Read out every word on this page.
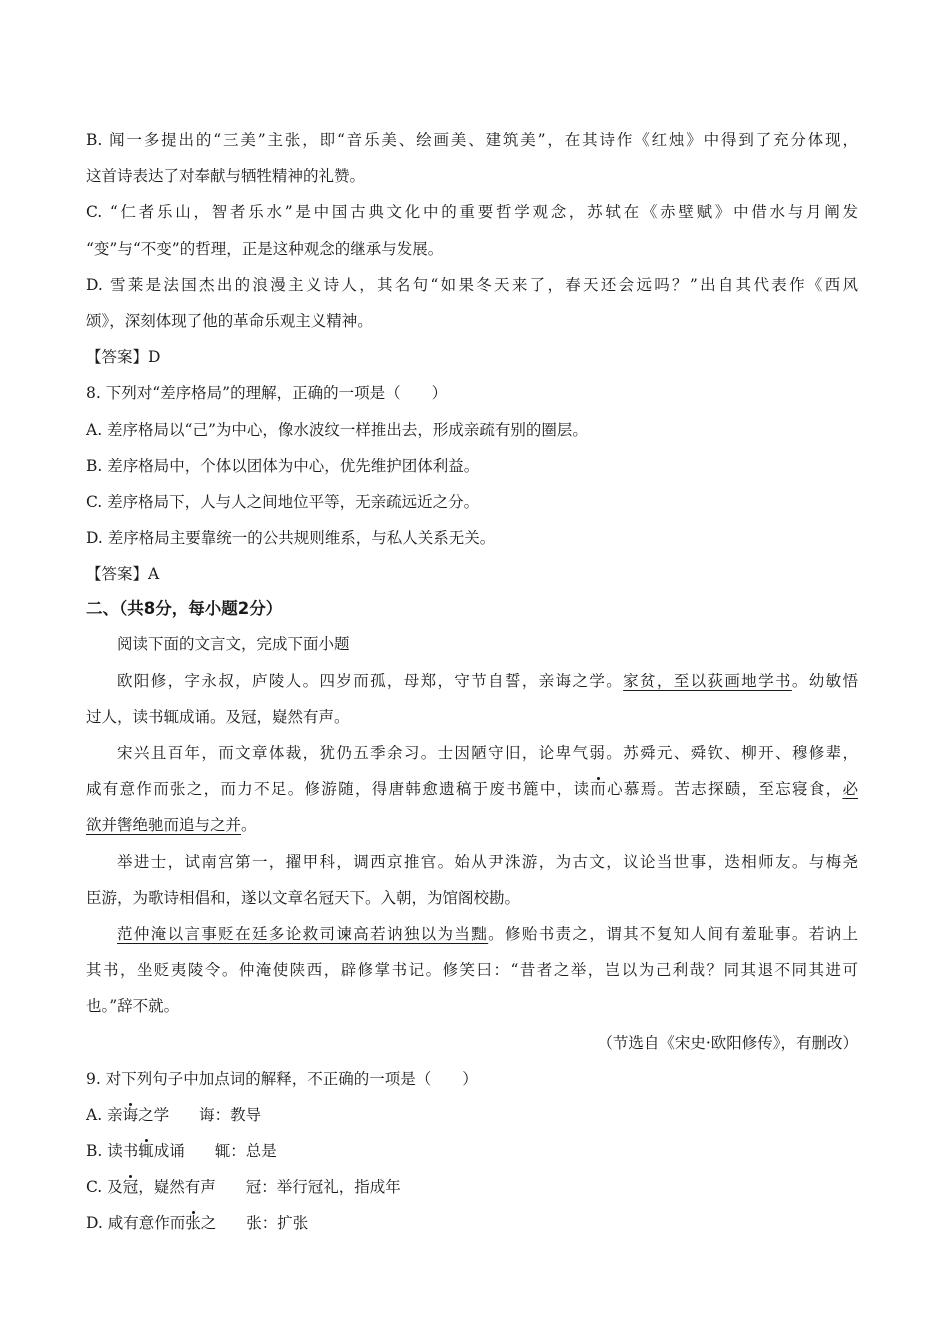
B. 闻一多提出的“三美”主张，即“音乐美、绘画美、建筑美”，在其诗作《红烛》中得到了充分体现，

这首诗表达了对奉献与牺牲精神的礼赞。

C. “仁者乐山，智者乐水”是中国古典文化中的重要哲学观念，苏轼在《赤壁赋》中借水与月阐发

“变”与“不变”的哲理，正是这种观念的继承与发展。

D. 雪莱是法国杰出的浪漫主义诗人，其名句“如果冬天来了，春天还会远吗？”出自其代表作《西风

颂》，深刻体现了他的革命乐观主义精神。

【答案】D

8. 下列对“差序格局”的理解，正确的一项是（　　）

A. 差序格局以“己”为中心，像水波纹一样推出去，形成亲疏有别的圈层。

B. 差序格局中，个体以团体为中心，优先维护团体利益。

C. 差序格局下，人与人之间地位平等，无亲疏远近之分。

D. 差序格局主要靠统一的公共规则维系，与私人关系无关。

【答案】A

二、（共8分，每小题2分）

阅读下面的文言文，完成下面小题

欧阳修，字永叔，庐陵人。四岁而孤，母郑，守节自誓，亲诲之学。家贫，至以荻画地学书。幼敏悟

过人，读书辄成诵。及冠，嶷然有声。

宋兴且百年，而文章体裁，犹仍五季余习。士因陋守旧，论卑气弱。苏舜元、舜钦、柳开、穆修辈，

咸有意作而张之，而力不足。修游随，得唐韩愈遗稿于废书簏中，读而心慕焉。苦志探赜，至忘寝食，必

欲并辔绝驰而追与之并。

举进士，试南宫第一，擢甲科，调西京推官。始从尹洙游，为古文，议论当世事，迭相师友。与梅尧

臣游，为歌诗相倡和，遂以文章名冠天下。入朝，为馆阁校勘。

范仲淹以言事贬在廷多论救司谏高若讷独以为当黜。修贻书责之，谓其不复知人间有羞耻事。若讷上

其书，坐贬夷陵令。仲淹使陕西，辟修掌书记。修笑曰：“昔者之举，岂以为己利哉？同其退不同其进可

也。”辞不就。

（节选自《宋史·欧阳修传》，有删改）

9. 对下列句子中加点词的解释，不正确的一项是（　　）

A. 亲诲之学 诲：教导

B. 读书辄成诵 辄：总是

C. 及冠，嶷然有声 冠：举行冠礼，指成年

D. 咸有意作而张之 张：扩张
